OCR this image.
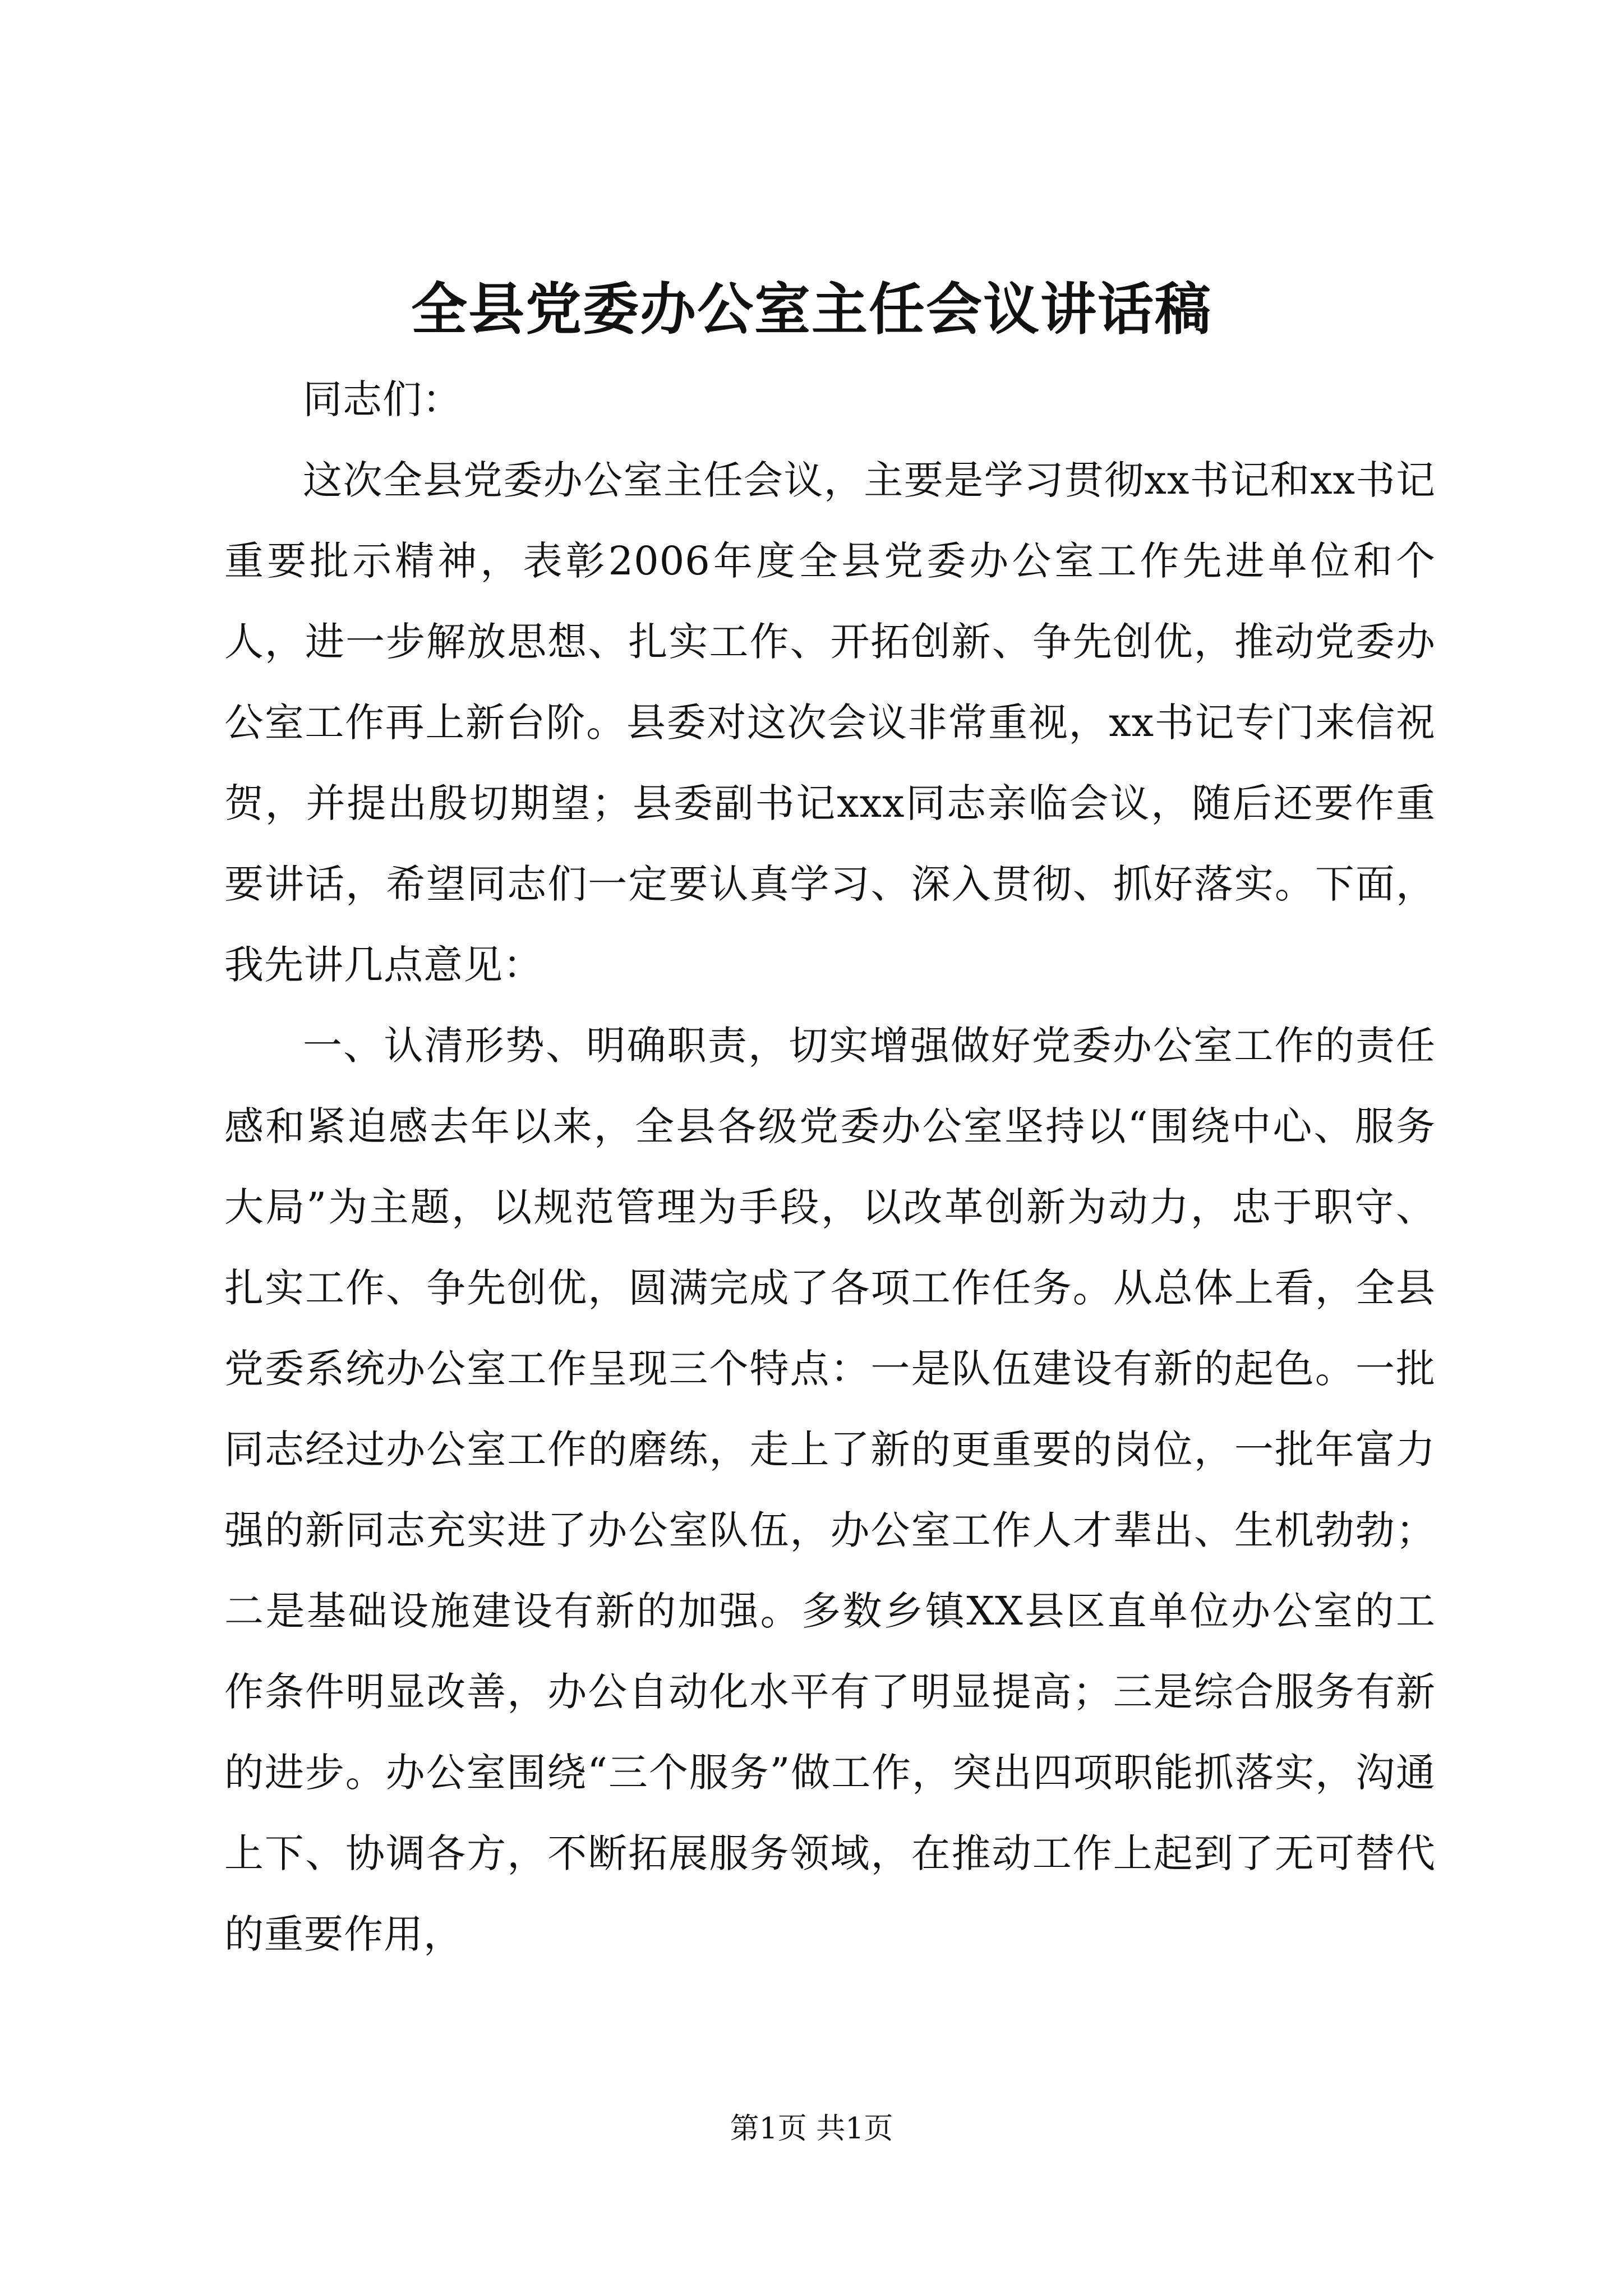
全县党委办公室主任会议讲话稿

同志们：

这次全县党委办公室主任会议，主要是学习贯彻xx书记和xx书记重要批示精神，表彰2006年度全县党委办公室工作先进单位和个人，进一步解放思想、扎实工作、开拓创新、争先创优，推动党委办公室工作再上新台阶。县委对这次会议非常重视，xx书记专门来信祝贺，并提出殷切期望；县委副书记xxx同志亲临会议，随后还要作重要讲话，希望同志们一定要认真学习、深入贯彻、抓好落实。下面，我先讲几点意见：

一、认清形势、明确职责，切实增强做好党委办公室工作的责任感和紧迫感去年以来，全县各级党委办公室坚持以“围绕中心、服务大局”为主题，以规范管理为手段，以改革创新为动力，忠于职守、扎实工作、争先创优，圆满完成了各项工作任务。从总体上看，全县党委系统办公室工作呈现三个特点：一是队伍建设有新的起色。一批同志经过办公室工作的磨练，走上了新的更重要的岗位，一批年富力强的新同志充实进了办公室队伍，办公室工作人才辈出、生机勃勃；二是基础设施建设有新的加强。多数乡镇XX县区直单位办公室的工作条件明显改善，办公自动化水平有了明显提高；三是综合服务有新的进步。办公室围绕“三个服务”做工作，突出四项职能抓落实，沟通上下、协调各方，不断拓展服务领域，在推动工作上起到了无可替代的重要作用，

第1页 共1页
